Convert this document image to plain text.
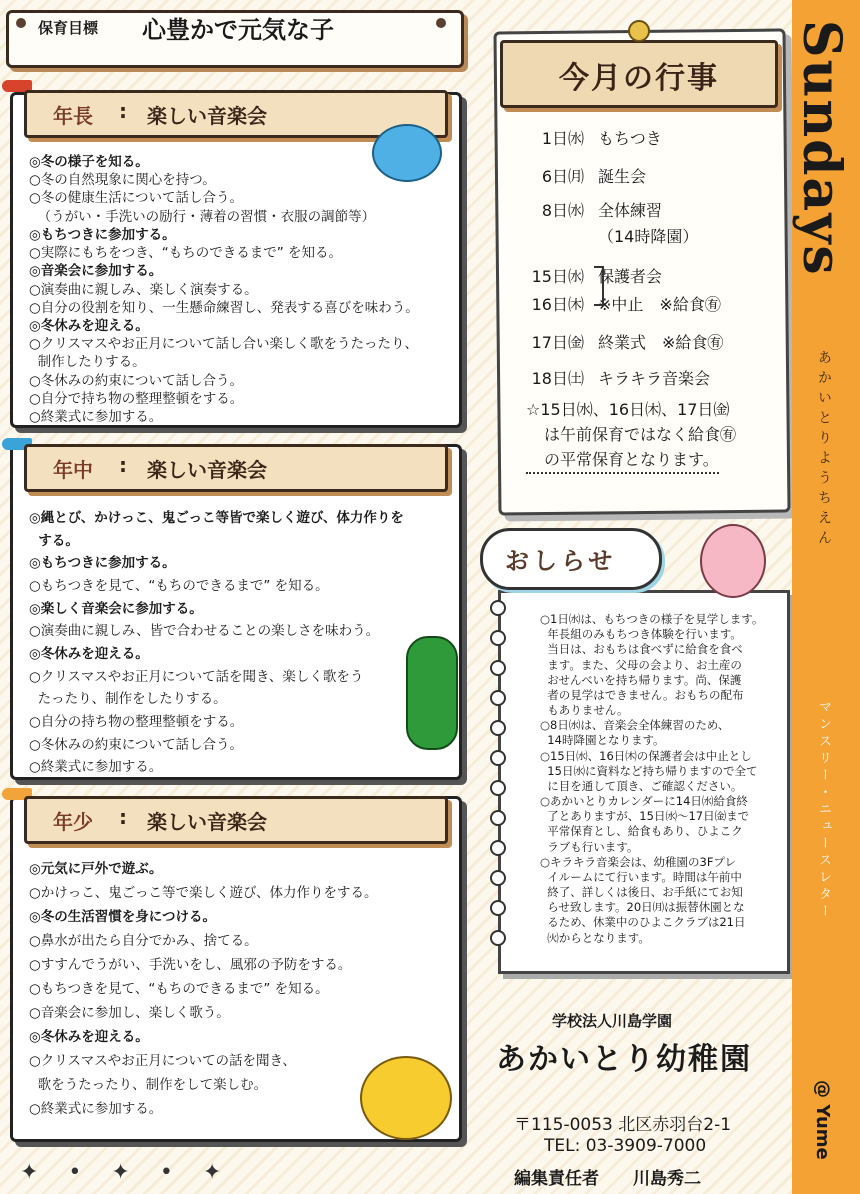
保育目標 心豊かで元気な子
◎冬の様子を知る。
○冬の自然現象に関心を持つ。
○冬の健康生活について話し合う。
（うがい・手洗いの励行・薄着の習慣・衣服の調節等）
◎もちつきに参加する。
○実際にもちをつき、“もちのできるまで” を知る。
◎音楽会に参加する。
○演奏曲に親しみ、楽しく演奏する。
○自分の役割を知り、一生懸命練習し、発表する喜びを味わう。
◎冬休みを迎える。
○クリスマスやお正月について話し合い楽しく歌をうたったり、
制作したりする。
○冬休みの約束について話し合う。
○自分で持ち物の整理整頓をする。
○終業式に参加する。
年長 : 楽しい音楽会
◎縄とび、かけっこ、鬼ごっこ等皆で楽しく遊び、体力作りを
する。
◎もちつきに参加する。
○もちつきを見て、“もちのできるまで” を知る。
◎楽しく音楽会に参加する。
○演奏曲に親しみ、皆で合わせることの楽しさを味わう。
◎冬休みを迎える。
○クリスマスやお正月について話を聞き、楽しく歌をう
たったり、制作をしたりする。
○自分の持ち物の整理整頓をする。
○冬休みの約束について話し合う。
○終業式に参加する。
年中 : 楽しい音楽会
◎元気に戸外で遊ぶ。
○かけっこ、鬼ごっこ等で楽しく遊び、体力作りをする。
◎冬の生活習慣を身につける。
○鼻水が出たら自分でかみ、捨てる。
○すすんでうがい、手洗いをし、風邪の予防をする。
○もちつきを見て、“もちのできるまで” を知る。
○音楽会に参加し、楽しく歌う。
◎冬休みを迎える。
○クリスマスやお正月についての話を聞き、
歌をうたったり、制作をして楽しむ。
○終業式に参加する。
年少 : 楽しい音楽会
✦•✦•✦
今月の行事
1日㈬ もちつき
6日㈪ 誕生会
8日㈬ 全体練習
（14時降園）
15日㈬ 保護者会
16日㈭ ※中止　※給食㊒
17日㈮ 終業式　※給食㊒
18日㈯ キラキラ音楽会
☆15日㈬、16日㈭、17日㈮
は午前保育ではなく給食㊒
の平常保育となります。
おしらせ
○1日㈬は、もちつきの様子を見学します。
年長組のみもちつき体験を行います。
当日は、おもちは食べずに給食を食べ
ます。また、父母の会より、お土産の
おせんべいを持ち帰ります。尚、保護
者の見学はできません。おもちの配布
もありません。
○8日㈬は、音楽会全体練習のため、
14時降園となります。
○15日㈬、16日㈭の保護者会は中止とし
15日㈬に資料など持ち帰りますので全て
に目を通して頂き、ご確認ください。
○あかいとりカレンダーに14日㈬給食終
了とありますが、15日㈬〜17日㈮まで
平常保育とし、給食もあり、ひよこク
ラブも行います。
○キラキラ音楽会は、幼稚園の3Fプレ
イルームにて行います。時間は午前中
終了、詳しくは後日、お手紙にてお知
らせ致します。20日㈪は振替休園とな
るため、休業中のひよこクラブは21日
㈫からとなります。
Sundays
あかいとりようちえん
マンスリー・ニュースレター
@ Yume
学校法人川島学園
あかいとり幼稚園
〒115-0053 北区赤羽台2-1
TEL: 03-3909-7000
編集責任者　　川島秀二
